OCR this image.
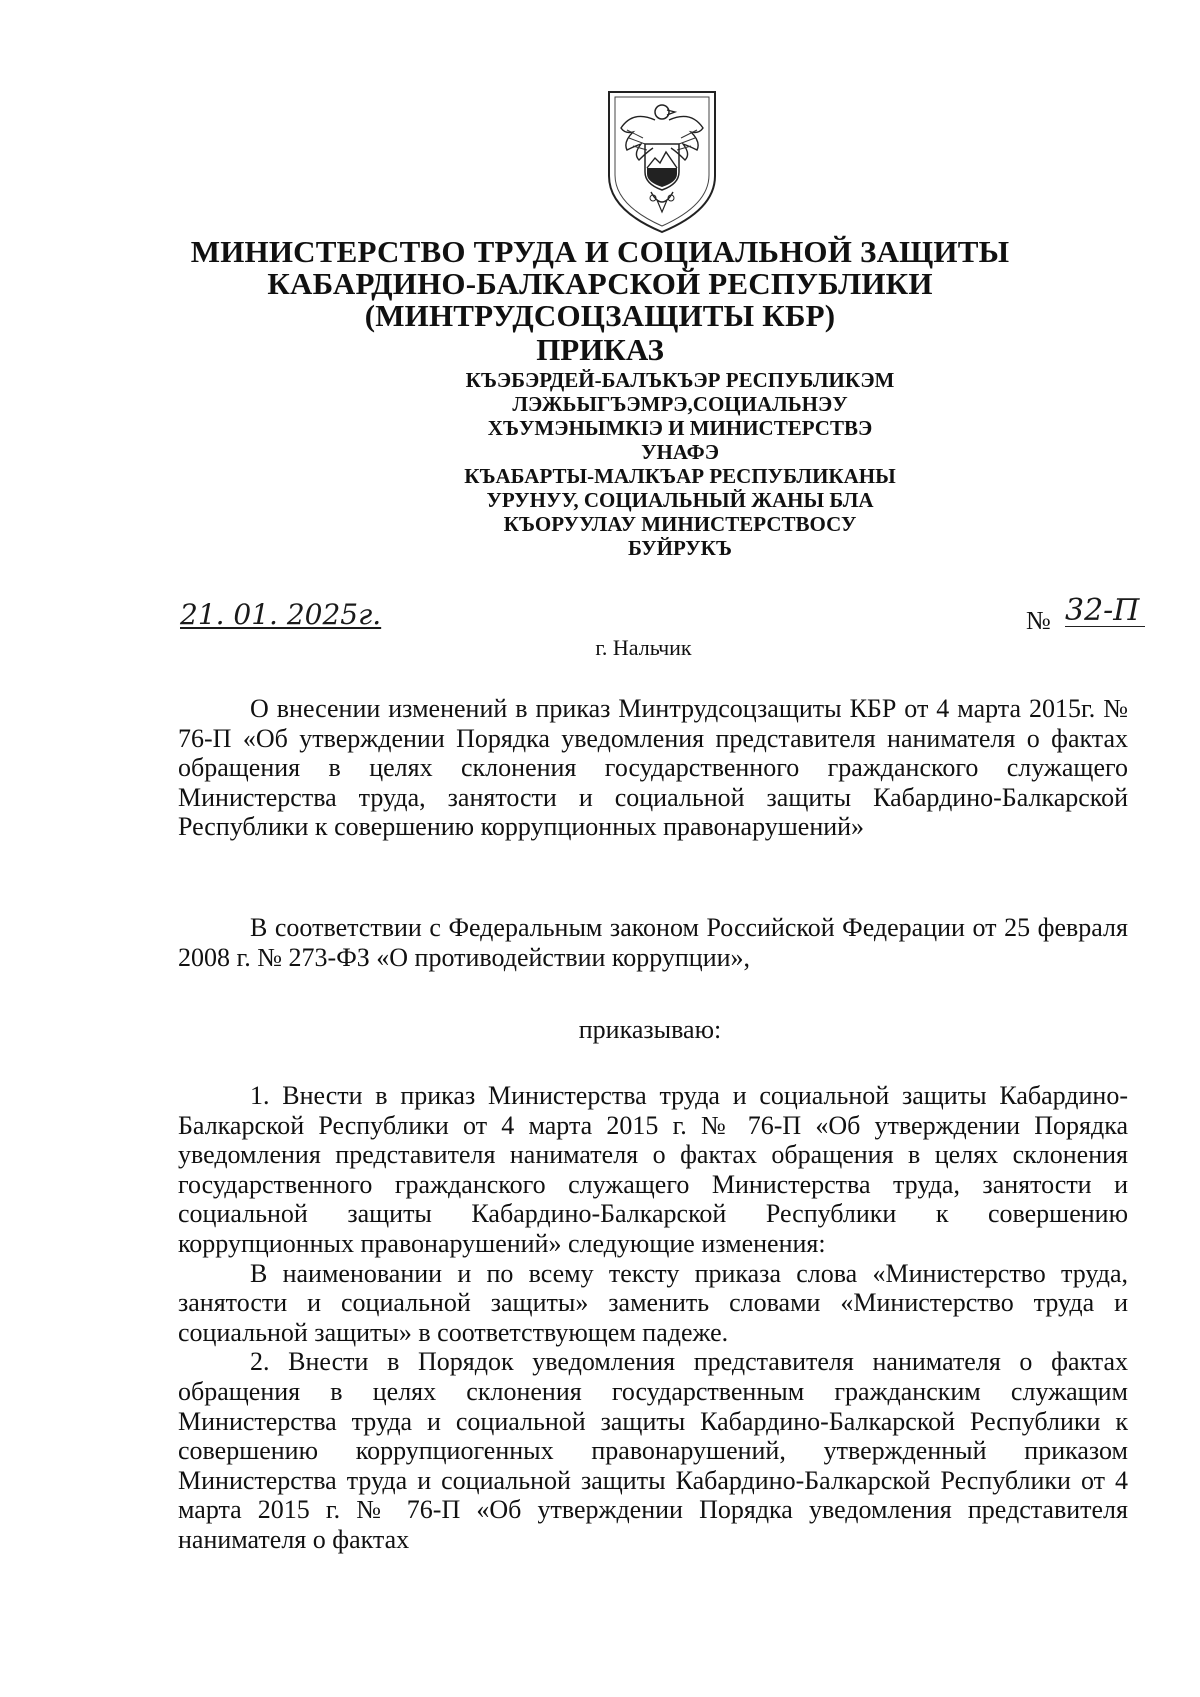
МИНИСТЕРСТВО ТРУДА И СОЦИАЛЬНОЙ ЗАЩИТЫ
КАБАРДИНО-БАЛКАРСКОЙ РЕСПУБЛИКИ
(МИНТРУДСОЦЗАЩИТЫ КБР)
ПРИКАЗ
КЪЭБЭРДЕЙ-БАЛЪКЪЭР РЕСПУБЛИКЭМ
ЛЭЖЬЫГЪЭМРЭ,СОЦИАЛЬНЭУ
ХЪУМЭНЫМКIЭ И МИНИСТЕРСТВЭ
УНАФЭ
КЪАБАРТЫ-МАЛКЪАР РЕСПУБЛИКАНЫ
УРУНУУ, СОЦИАЛЬНЫЙ ЖАНЫ БЛА
КЪОРУУЛАУ МИНИСТЕРСТВОСУ
БУЙРУКЪ
21. 01. 2025г.	№ 32-П
г. Нальчик

О внесении изменений в приказ Минтрудсоцзащиты КБР от 4 марта 2015г. № 76-П «Об утверждении Порядка уведомления представителя нанимателя о фактах обращения в целях склонения государственного гражданского служащего Министерства труда, занятости и социальной защиты Кабардино-Балкарской Республики к совершению коррупционных правонарушений»

В соответствии с Федеральным законом Российской Федерации от 25 февраля 2008 г. № 273-ФЗ «О противодействии коррупции»,

приказываю:

1. Внести в приказ Министерства труда и социальной защиты Кабардино-Балкарской Республики от 4 марта 2015 г. № 76-П «Об утверждении Порядка уведомления представителя нанимателя о фактах обращения в целях склонения государственного гражданского служащего Министерства труда, занятости и социальной защиты Кабардино-Балкарской Республики к совершению коррупционных правонарушений» следующие изменения:

В наименовании и по всему тексту приказа слова «Министерство труда, занятости и социальной защиты» заменить словами «Министерство труда и социальной защиты» в соответствующем падеже.

2. Внести в Порядок уведомления представителя нанимателя о фактах обращения в целях склонения государственным гражданским служащим Министерства труда и социальной защиты Кабардино-Балкарской Республики к совершению коррупциогенных правонарушений, утвержденный приказом Министерства труда и социальной защиты Кабардино-Балкарской Республики от 4 марта 2015 г. № 76-П «Об утверждении Порядка уведомления представителя нанимателя о фактах
